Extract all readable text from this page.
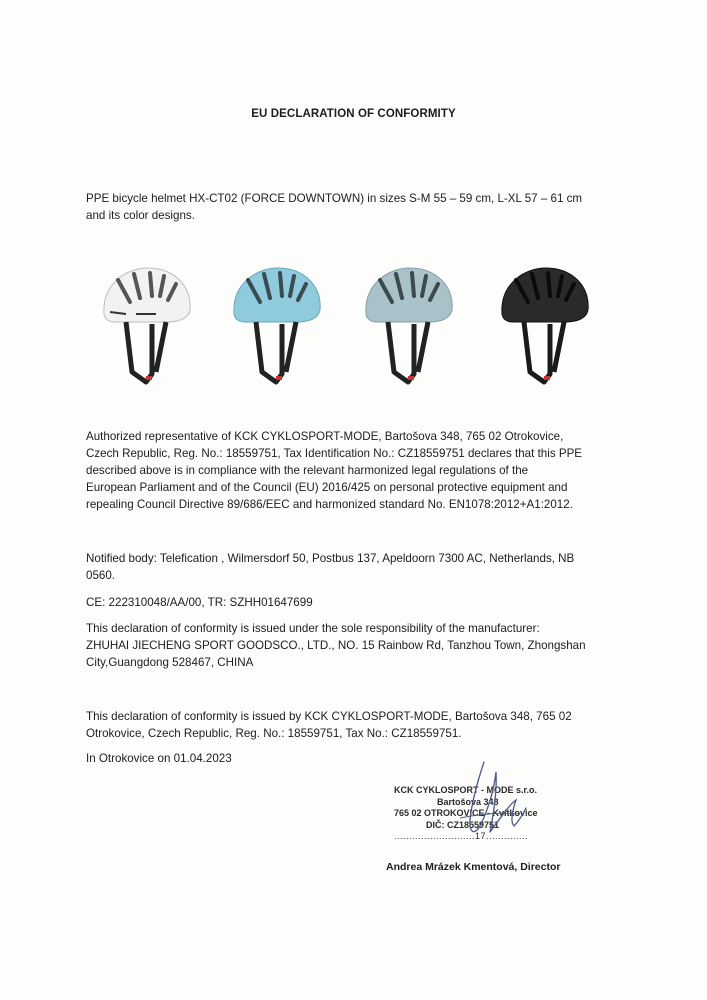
EU DECLARATION OF CONFORMITY

PPE bicycle helmet HX-CT02 (FORCE DOWNTOWN) in sizes S-M 55 – 59 cm, L-XL 57 – 61 cm
and its color designs.

Authorized representative of KCK CYKLOSPORT-MODE, Bartošova 348, 765 02 Otrokovice,
Czech Republic, Reg. No.: 18559751, Tax Identification No.: CZ18559751 declares that this PPE
described above is in compliance with the relevant harmonized legal regulations of the
European Parliament and of the Council (EU) 2016/425 on personal protective equipment and
repealing Council Directive 89/686/EEC and harmonized standard No. EN1078:2012+A1:2012.

Notified body: Telefication , Wilmersdorf 50, Postbus 137, Apeldoorn 7300 AC, Netherlands, NB
0560.

CE: 222310048/AA/00, TR: SZHH01647699

This declaration of conformity is issued under the sole responsibility of the manufacturer:
ZHUHAI JIECHENG SPORT GOODSCO., LTD., NO. 15 Rainbow Rd, Tanzhou Town, Zhongshan
City,Guangdong 528467, CHINA

This declaration of conformity is issued by KCK CYKLOSPORT-MODE, Bartošova 348, 765 02
Otrokovice, Czech Republic, Reg. No.: 18559751, Tax No.: CZ18559751.

In Otrokovice on 01.04.2023

KCK CYKLOSPORT - MODE s.r.o.
Bartošova 348
765 02 OTROKOVICE - Kvítkovice
DIČ: CZ18559751
...........................17..............
Andrea Mrázek Kmentová, Director
